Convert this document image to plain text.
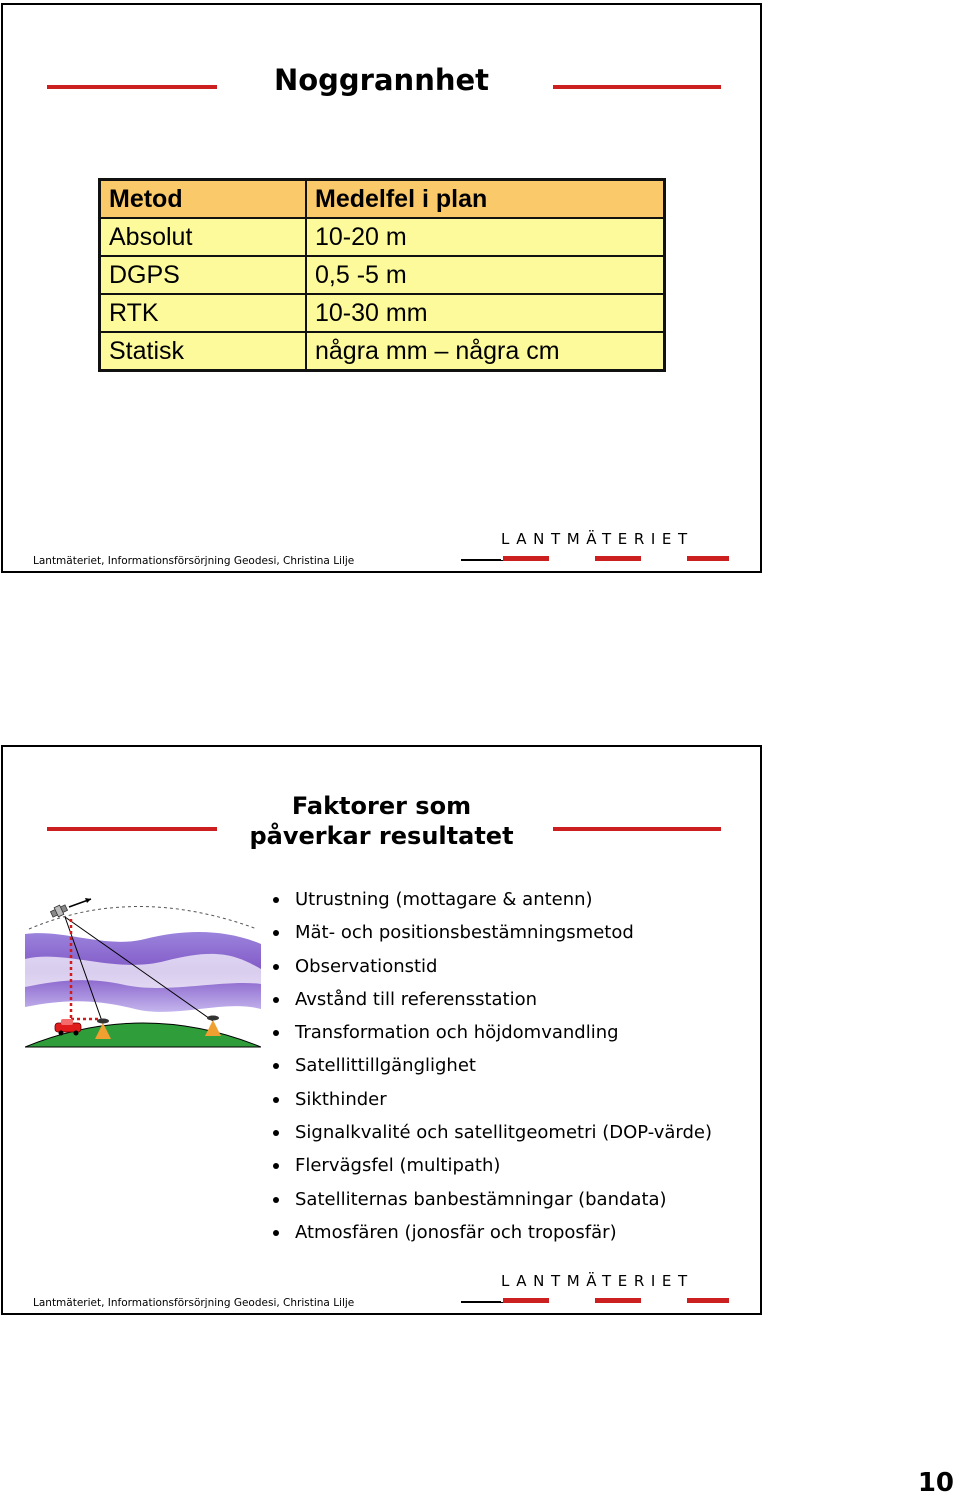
Noggrannhet
Metod	Medelfel i plan
Absolut	10-20 m
DGPS	0,5 -5 m
RTK	10-30 mm
Statisk	några mm – några cm
Lantmäteriet, Informationsförsörjning Geodesi, Christina Lilje
LANTMÄTERIET
Faktorer som
påverkar resultatet
Utrustning (mottagare & antenn)
Mät- och positionsbestämningsmetod
Observationstid
Avstånd till referensstation
Transformation och höjdomvandling
Satellittillgänglighet
Sikthinder
Signalkvalité och satellitgeometri (DOP-värde)
Flervägsfel (multipath)
Satelliternas banbestämningar (bandata)
Atmosfären (jonosfär och troposfär)
Lantmäteriet, Informationsförsörjning Geodesi, Christina Lilje
LANTMÄTERIET
10
